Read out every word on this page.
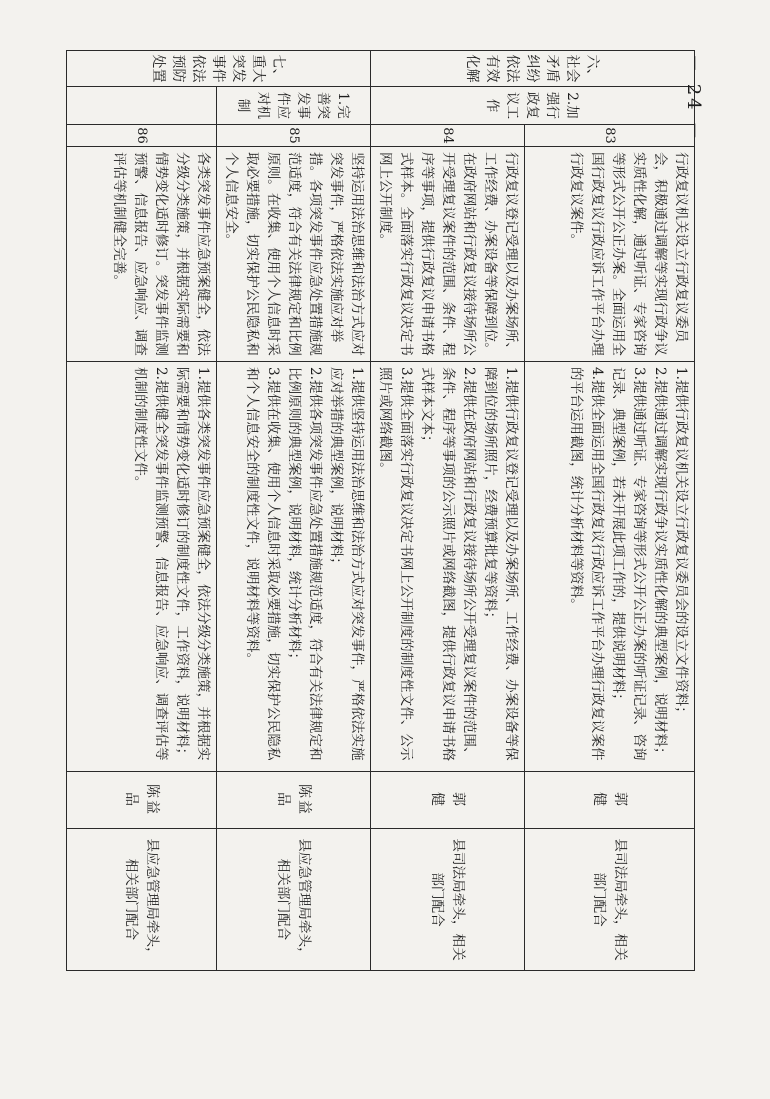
六、社会矛盾纠纷依法有效化解	2.加强行政复议工作	83	行政复议机关设立行政复议委员会，积极通过调解等实现行政争议实质性化解，通过听证、专家咨询等形式公开公正办案。全面运用全国行政复议行政应诉工作平台办理行政复议案件。	1.提供行政复议机关设立行政复议委员会的设立文件资料；

2.提供通过调解实现行政争议实质性化解的典型案例，说明材料；

3.提供通过听证、专家咨询等形式公开公正办案的听证记录、咨询记录、典型案例，若未开展此项工作的，提供说明材料；

4.提供全面运用全国行政复议行政应诉工作平台办理行政复议案件的平台运用截图，统计分析材料等资料。	郭　健	县司法局牵头，相关部门配合
		84	行政复议登记受理以及办案场所、工作经费、办案设备等保障到位。在政府网站和行政复议接待场所公开受理复议案件的范围、条件、程序等事项，提供行政复议申请书格式样本。全面落实行政复议决定书网上公开制度。	1.提供行政复议登记受理以及办案场所、工作经费、办案设备等保障到位的场所照片，经费预算批复等资料；

2.提供在政府网站和行政复议接待场所公开受理复议案件的范围、条件、程序等事项的公示照片或网络截图，提供行政复议申请书格式样本文本；

3.提供全面落实行政复议决定书网上公开制度的制度性文件、公示照片或网络截图。	郭　健	县司法局牵头，相关部门配合
七、重大突发事件依法预防处置	1.完善突发事件应对机制	85	坚持运用法治思维和法治方式应对突发事件，严格依法实施应对举措。各项突发事件应急处置措施规范适度，符合有关法律规定和比例原则。在收集、使用个人信息时采取必要措施，切实保护公民隐私和个人信息安全。	1.提供坚持运用法治思维和法治方式应对突发事件，严格依法实施应对举措的典型案例，说明材料；

2.提供各项突发事件应急处置措施规范适度，符合有关法律规定和比例原则的典型案例，说明材料，统计分析材料；

3.提供在收集、使用个人信息时采取必要措施，切实保护公民隐私和个人信息安全的制度性文件，说明材料等资料。	陈益品	县应急管理局牵头，相关部门配合
		86	各类突发事件应急预案健全，依法分级分类施策，并根据实际需要和情势变化适时修订。突发事件监测预警、信息报告、应急响应、调查评估等机制健全完善。	1.提供各类突发事件应急预案健全，依法分级分类施策，并根据实际需要和情势变化适时修订的制度性文件，工作资料，说明材料；

2.提供健全突发事件监测预警、信息报告、应急响应、调查评估等机制的制度性文件。	陈益品	县应急管理局牵头，相关部门配合
－ 24 －
